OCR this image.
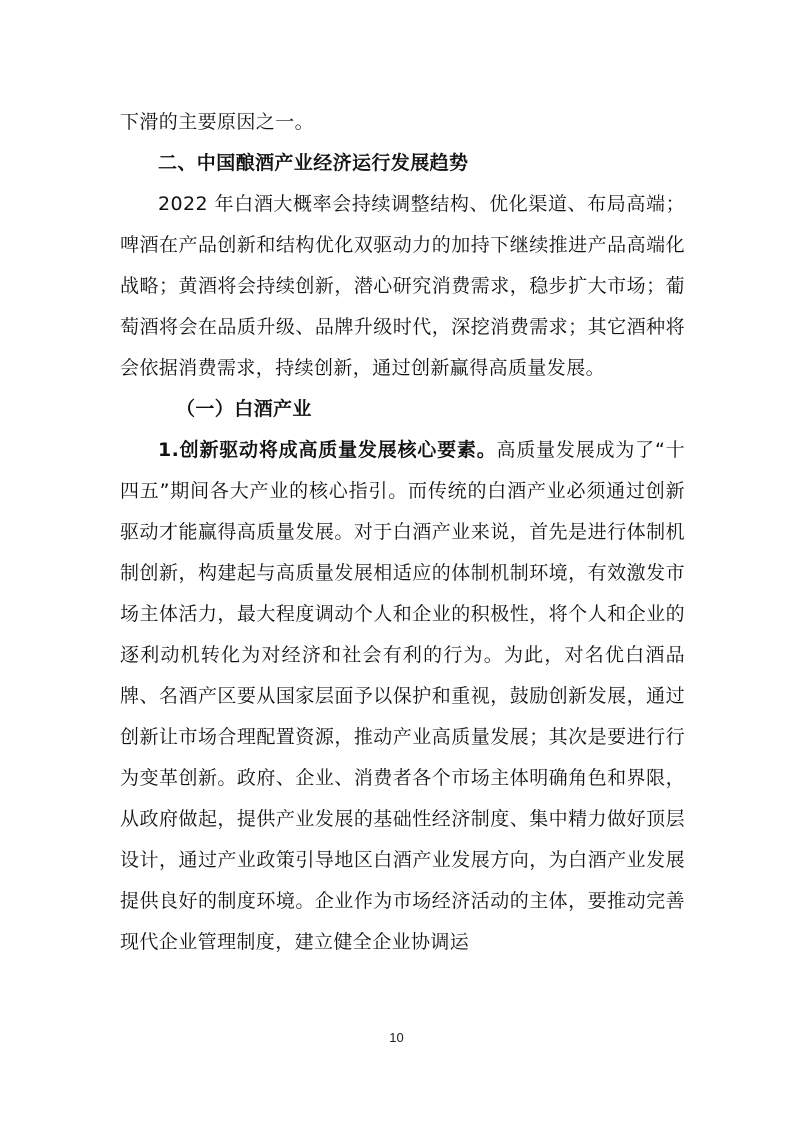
下滑的主要原因之一。

二、中国酿酒产业经济运行发展趋势

2022 年白酒大概率会持续调整结构、优化渠道、布局高端；啤酒在产品创新和结构优化双驱动力的加持下继续推进产品高端化战略；黄酒将会持续创新，潜心研究消费需求，稳步扩大市场；葡萄酒将会在品质升级、品牌升级时代，深挖消费需求；其它酒种将会依据消费需求，持续创新，通过创新赢得高质量发展。

（一）白酒产业

1.创新驱动将成高质量发展核心要素。高质量发展成为了“十四五”期间各大产业的核心指引。而传统的白酒产业必须通过创新驱动才能赢得高质量发展。对于白酒产业来说，首先是进行体制机制创新，构建起与高质量发展相适应的体制机制环境，有效激发市场主体活力，最大程度调动个人和企业的积极性，将个人和企业的逐利动机转化为对经济和社会有利的行为。为此，对名优白酒品牌、名酒产区要从国家层面予以保护和重视，鼓励创新发展，通过创新让市场合理配置资源，推动产业高质量发展；其次是要进行行为变革创新。政府、企业、消费者各个市场主体明确角色和界限，从政府做起，提供产业发展的基础性经济制度、集中精力做好顶层设计，通过产业政策引导地区白酒产业发展方向，为白酒产业发展提供良好的制度环境。企业作为市场经济活动的主体，要推动完善现代企业管理制度，建立健全企业协调运

10
